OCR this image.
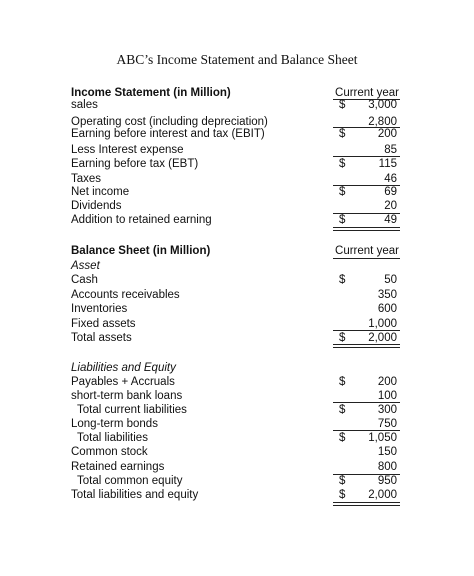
ABC’s Income Statement and Balance Sheet
Income Statement (in Million)	Current year
sales	$ 3,000
Operating cost (including depreciation)	2,800
Earning before interest and tax (EBIT)	$	200
Less Interest expense	85
Earning before tax (EBT)	$	115
Taxes	46
Net income	$	69
Dividends	20
Addition to retained earning	$	49
Balance Sheet (in Million)	Current year
Asset
Cash	$	50
Accounts receivables	350
Inventories	600
Fixed assets	1,000
Total assets	$ 2,000
Liabilities and Equity
Payables + Accruals	$	200
short-term bank loans	100
Total current liabilities	$	300
Long-term bonds	750
Total liabilities	$ 1,050
Common stock	150
Retained earnings	800
Total common equity	$	950
Total liabilities and equity	$ 2,000
